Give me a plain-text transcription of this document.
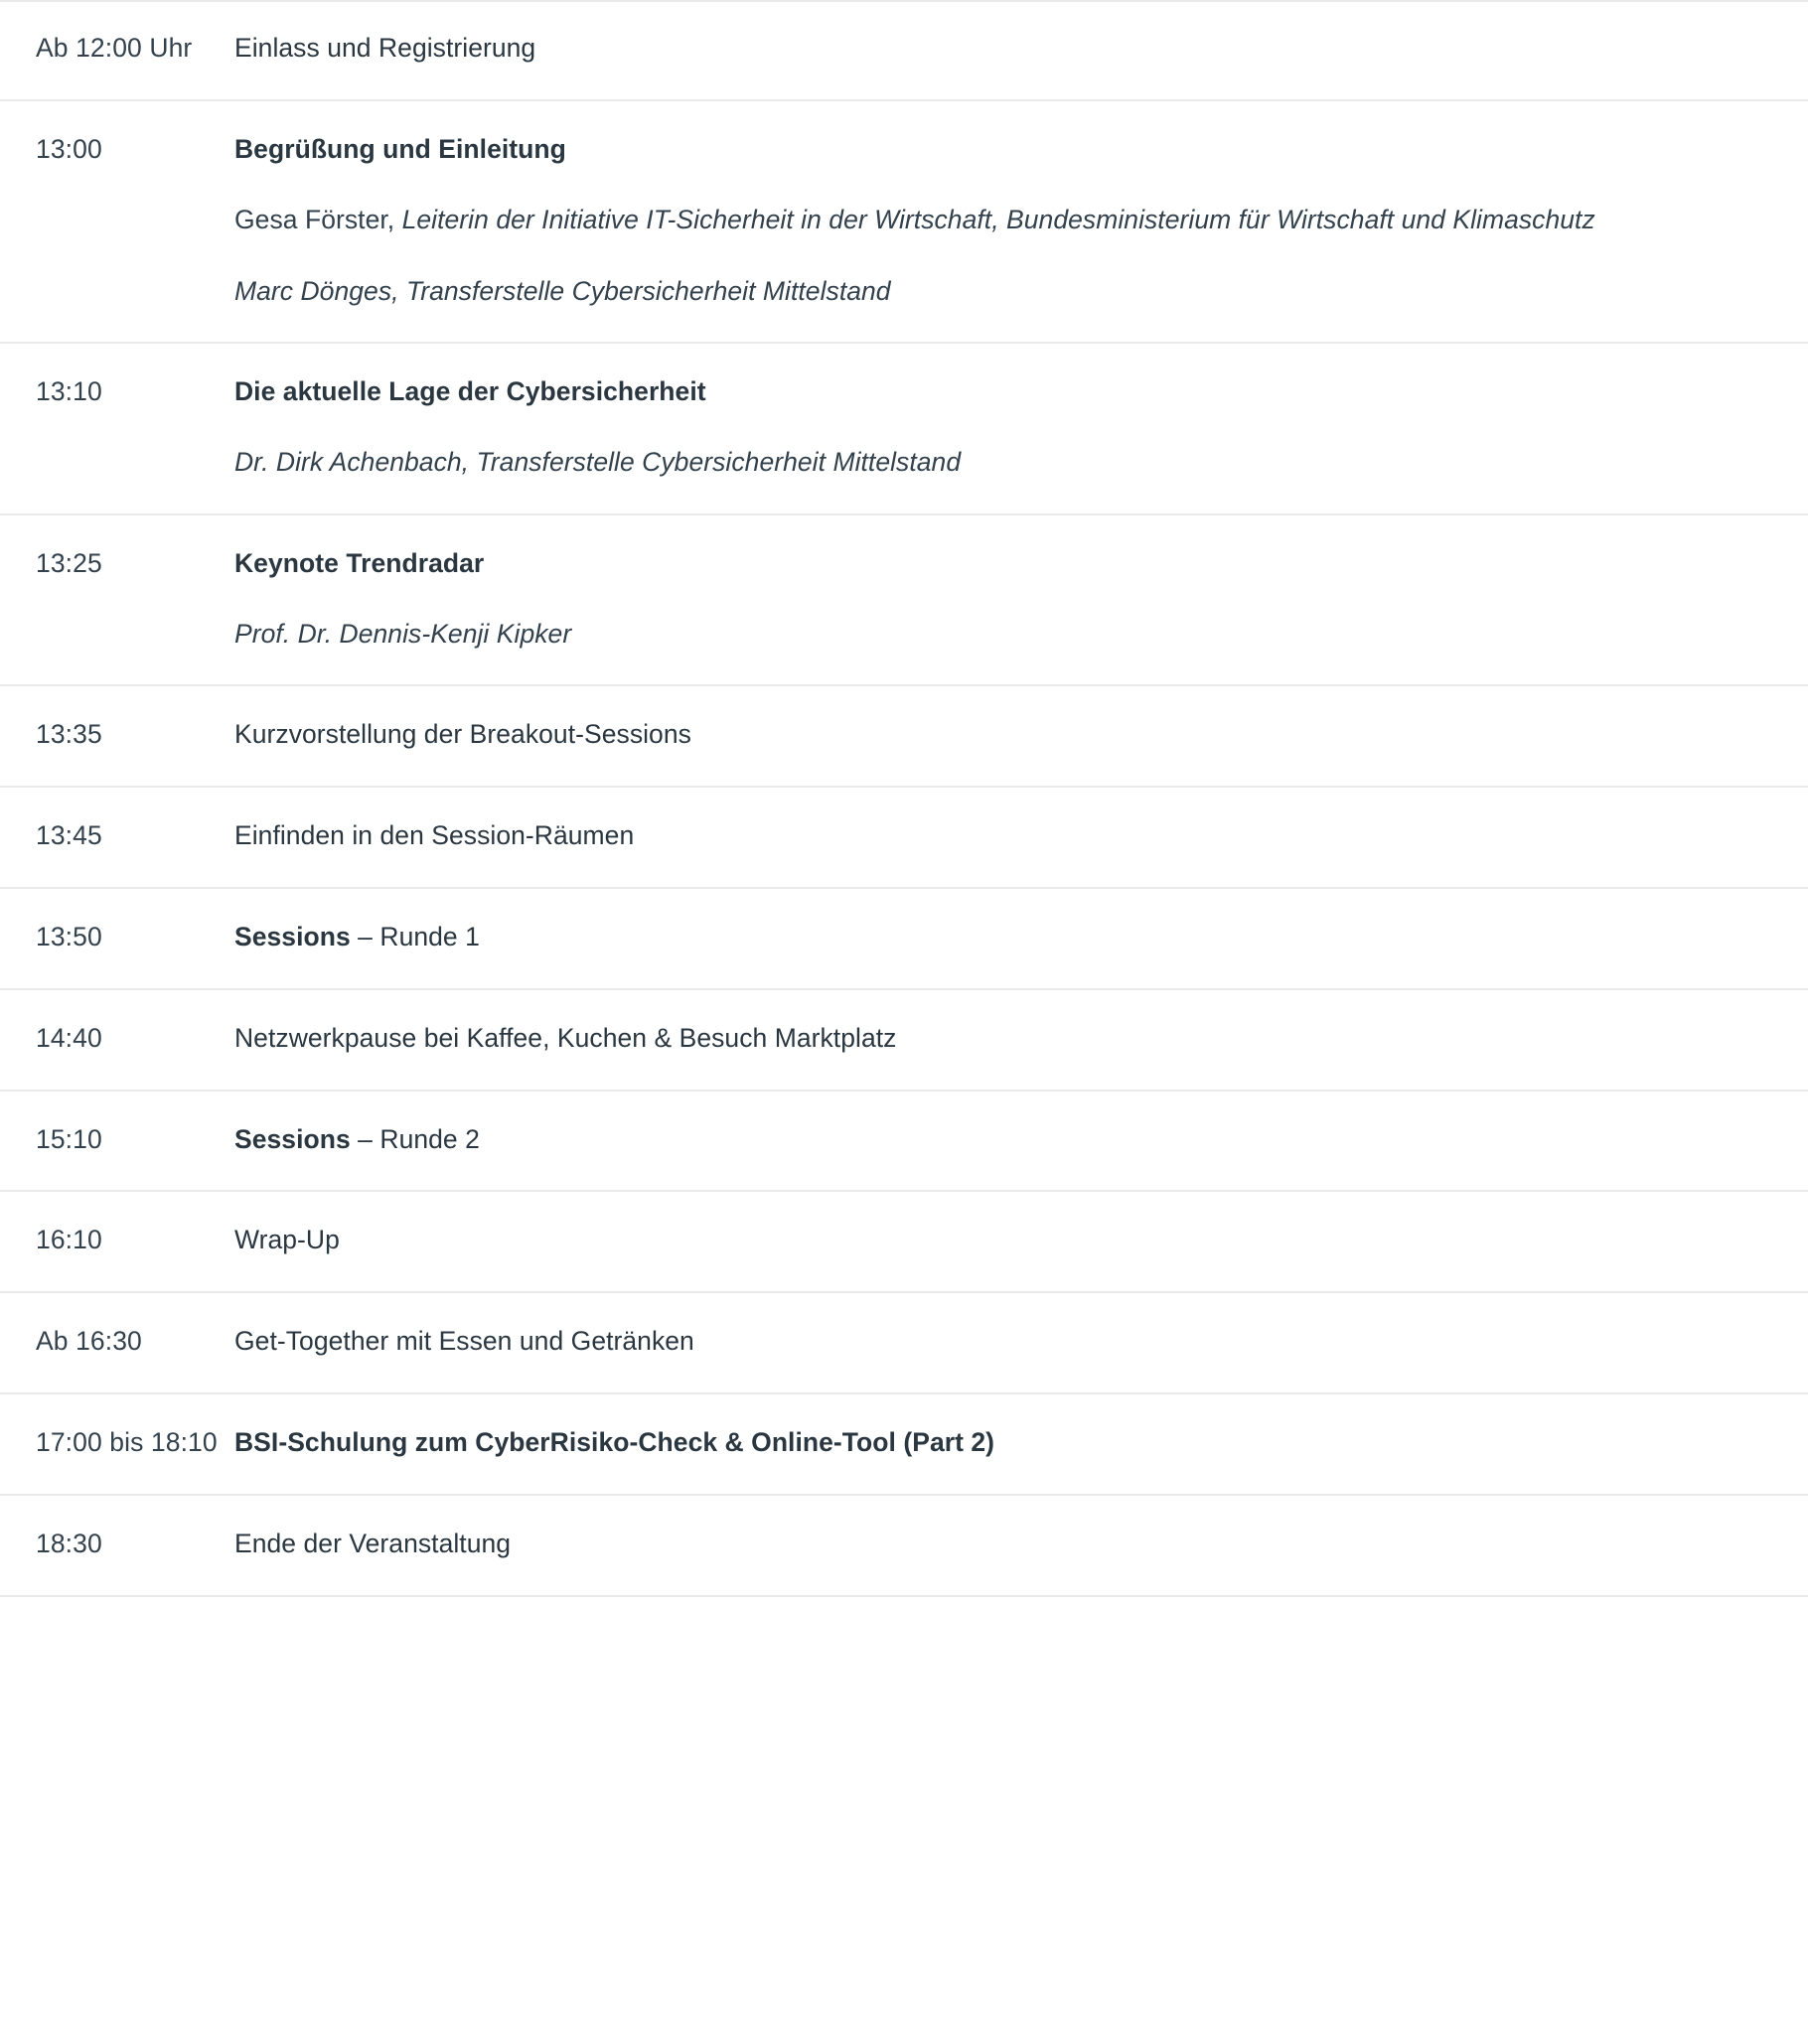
Ab 12:00 Uhr	Einlass und Registrierung

13:00	Begrüßung und Einleitung

Gesa Förster, Leiterin der Initiative IT-Sicherheit in der Wirtschaft, Bundesministerium für Wirtschaft und Klimaschutz

Marc Dönges, Transferstelle Cybersicherheit Mittelstand

13:10	Die aktuelle Lage der Cybersicherheit

Dr. Dirk Achenbach, Transferstelle Cybersicherheit Mittelstand

13:25	Keynote Trendradar

Prof. Dr. Dennis-Kenji Kipker

13:35	Kurzvorstellung der Breakout-Sessions

13:45	Einfinden in den Session-Räumen

13:50	Sessions – Runde 1

14:40	Netzwerkpause bei Kaffee, Kuchen & Besuch Marktplatz

15:10	Sessions – Runde 2

16:10	Wrap-Up

Ab 16:30	Get-Together mit Essen und Getränken

17:00 bis 18:10 BSI-Schulung zum CyberRisiko-Check & Online-Tool (Part 2)

18:30	Ende der Veranstaltung
